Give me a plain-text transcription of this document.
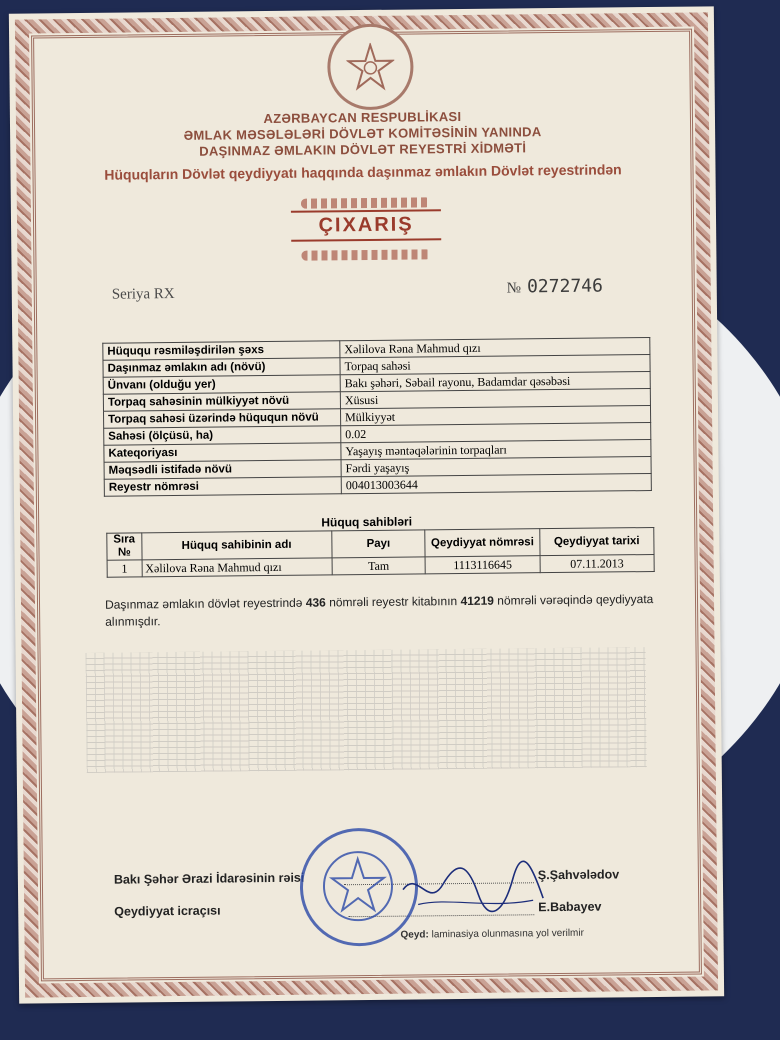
AZƏRBAYCAN RESPUBLİKASI
ƏMLAK MƏSƏLƏLƏRİ DÖVLƏT KOMİTƏSİNİN YANINDA
DAŞINMAZ ƏMLAKIN DÖVLƏT REYESTRİ XİDMƏTİ
Hüquqların Dövlət qeydiyyatı haqqında daşınmaz əmlakın Dövlət reyestrindən
ÇIXARIŞ
Seriya RX	№ 0272746
Hüququ rəsmiləşdirilən şəxs	Xəlilova Rəna Mahmud qızı
Daşınmaz əmlakın adı (növü)	Torpaq sahəsi
Ünvanı (olduğu yer)	Bakı şəhəri, Səbail rayonu, Badamdar qəsəbəsi
Torpaq sahəsinin mülkiyyət növü	Xüsusi
Torpaq sahəsi üzərində hüququn növü	Mülkiyyət
Sahəsi (ölçüsü, ha)	0.02
Kateqoriyası	Yaşayış məntəqələrinin torpaqları
Məqsədli istifadə növü	Fərdi yaşayış
Reyestr nömrəsi	004013003644
Hüquq sahibləri
Sıra №	Hüquq sahibinin adı	Payı	Qeydiyyat nömrəsi	Qeydiyyat tarixi
1	Xəlilova Rəna Mahmud qızı	Tam	1113116645	07.11.2013
Daşınmaz əmlakın dövlət reyestrində 436 nömrəli reyestr kitabının 41219 nömrəli vərəqində qeydiyyata alınmışdır.
Bakı Şəhər Ərazi İdarəsinin rəisi	Ş.Şahvələdov
Qeydiyyat icraçısı	E.Babayev
Qeyd: laminasiya olunmasına yol verilmir
